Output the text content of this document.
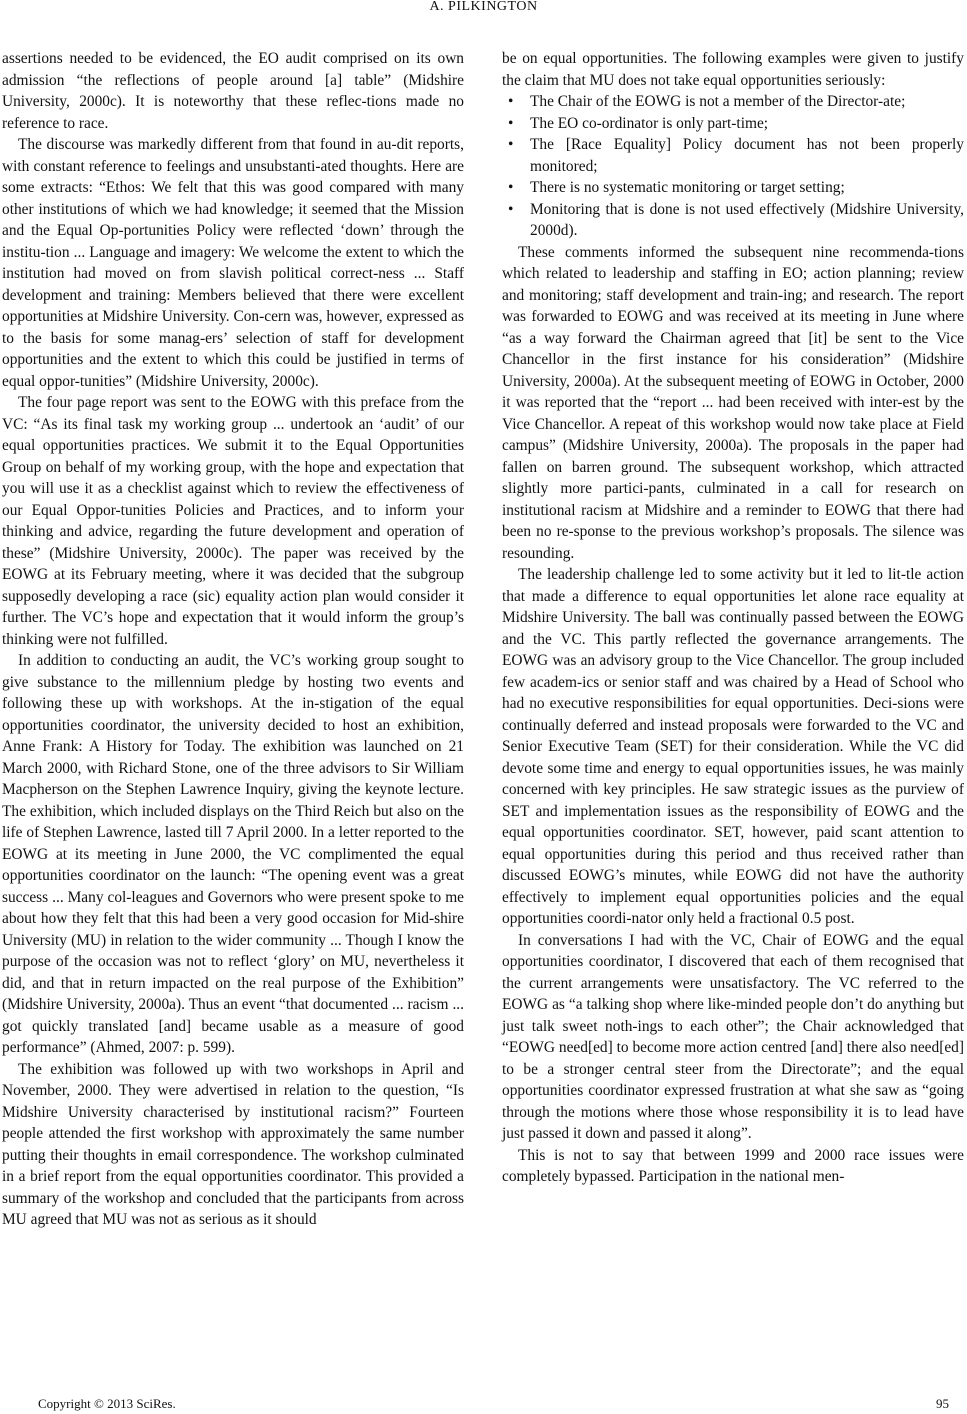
A. PILKINGTON

assertions needed to be evidenced, the EO audit comprised on its own admission “the reflections of people around [a] table” (Midshire University, 2000c). It is noteworthy that these reflec-tions made no reference to race.

The discourse was markedly different from that found in au-dit reports, with constant reference to feelings and unsubstanti-ated thoughts. Here are some extracts: “Ethos: We felt that this was good compared with many other institutions of which we had knowledge; it seemed that the Mission and the Equal Op-portunities Policy were reflected ‘down’ through the institu-tion ... Language and imagery: We welcome the extent to which the institution had moved on from slavish political correct-ness ... Staff development and training: Members believed that there were excellent opportunities at Midshire University. Con-cern was, however, expressed as to the basis for some manag-ers’ selection of staff for development opportunities and the extent to which this could be justified in terms of equal oppor-tunities” (Midshire University, 2000c).

The four page report was sent to the EOWG with this preface from the VC: “As its final task my working group ... undertook an ‘audit’ of our equal opportunities practices. We submit it to the Equal Opportunities Group on behalf of my working group, with the hope and expectation that you will use it as a checklist against which to review the effectiveness of our Equal Oppor-tunities Policies and Practices, and to inform your thinking and advice, regarding the future development and operation of these” (Midshire University, 2000c). The paper was received by the EOWG at its February meeting, where it was decided that the subgroup supposedly developing a race (sic) equality action plan would consider it further. The VC’s hope and expectation that it would inform the group’s thinking were not fulfilled.

In addition to conducting an audit, the VC’s working group sought to give substance to the millennium pledge by hosting two events and following these up with workshops. At the in-stigation of the equal opportunities coordinator, the university decided to host an exhibition, Anne Frank: A History for Today. The exhibition was launched on 21 March 2000, with Richard Stone, one of the three advisors to Sir William Macpherson on the Stephen Lawrence Inquiry, giving the keynote lecture. The exhibition, which included displays on the Third Reich but also on the life of Stephen Lawrence, lasted till 7 April 2000. In a letter reported to the EOWG at its meeting in June 2000, the VC complimented the equal opportunities coordinator on the launch: “The opening event was a great success ... Many col-leagues and Governors who were present spoke to me about how they felt that this had been a very good occasion for Mid-shire University (MU) in relation to the wider community ... Though I know the purpose of the occasion was not to reflect ‘glory’ on MU, nevertheless it did, and that in return impacted on the real purpose of the Exhibition” (Midshire University, 2000a). Thus an event “that documented ... racism ... got quickly translated [and] became usable as a measure of good performance” (Ahmed, 2007: p. 599).

The exhibition was followed up with two workshops in April and November, 2000. They were advertised in relation to the question, “Is Midshire University characterised by institutional racism?” Fourteen people attended the first workshop with approximately the same number putting their thoughts in email correspondence. The workshop culminated in a brief report from the equal opportunities coordinator. This provided a summary of the workshop and concluded that the participants from across MU agreed that MU was not as serious as it should

be on equal opportunities. The following examples were given to justify the claim that MU does not take equal opportunities seriously:

• The Chair of the EOWG is not a member of the Director-ate;
• The EO co-ordinator is only part-time;
• The [Race Equality] Policy document has not been properly monitored;
• There is no systematic monitoring or target setting;
• Monitoring that is done is not used effectively (Midshire University, 2000d).

These comments informed the subsequent nine recommenda-tions which related to leadership and staffing in EO; action planning; review and monitoring; staff development and train-ing; and research. The report was forwarded to EOWG and was received at its meeting in June where “as a way forward the Chairman agreed that [it] be sent to the Vice Chancellor in the first instance for his consideration” (Midshire University, 2000a). At the subsequent meeting of EOWG in October, 2000 it was reported that the “report ... had been received with inter-est by the Vice Chancellor. A repeat of this workshop would now take place at Field campus” (Midshire University, 2000a). The proposals in the paper had fallen on barren ground. The subsequent workshop, which attracted slightly more partici-pants, culminated in a call for research on institutional racism at Midshire and a reminder to EOWG that there had been no re-sponse to the previous workshop’s proposals. The silence was resounding.

The leadership challenge led to some activity but it led to lit-tle action that made a difference to equal opportunities let alone race equality at Midshire University. The ball was continually passed between the EOWG and the VC. This partly reflected the governance arrangements. The EOWG was an advisory group to the Vice Chancellor. The group included few academ-ics or senior staff and was chaired by a Head of School who had no executive responsibilities for equal opportunities. Deci-sions were continually deferred and instead proposals were forwarded to the VC and Senior Executive Team (SET) for their consideration. While the VC did devote some time and energy to equal opportunities issues, he was mainly concerned with key principles. He saw strategic issues as the purview of SET and implementation issues as the responsibility of EOWG and the equal opportunities coordinator. SET, however, paid scant attention to equal opportunities during this period and thus received rather than discussed EOWG’s minutes, while EOWG did not have the authority effectively to implement equal opportunities policies and the equal opportunities coordi-nator only held a fractional 0.5 post.

In conversations I had with the VC, Chair of EOWG and the equal opportunities coordinator, I discovered that each of them recognised that the current arrangements were unsatisfactory. The VC referred to the EOWG as “a talking shop where like-minded people don’t do anything but just talk sweet noth-ings to each other”; the Chair acknowledged that “EOWG need[ed] to become more action centred [and] there also need[ed] to be a stronger central steer from the Directorate”; and the equal opportunities coordinator expressed frustration at what she saw as “going through the motions where those whose responsibility it is to lead have just passed it down and passed it along”.

This is not to say that between 1999 and 2000 race issues were completely bypassed. Participation in the national men-

Copyright © 2013 SciRes.	95
